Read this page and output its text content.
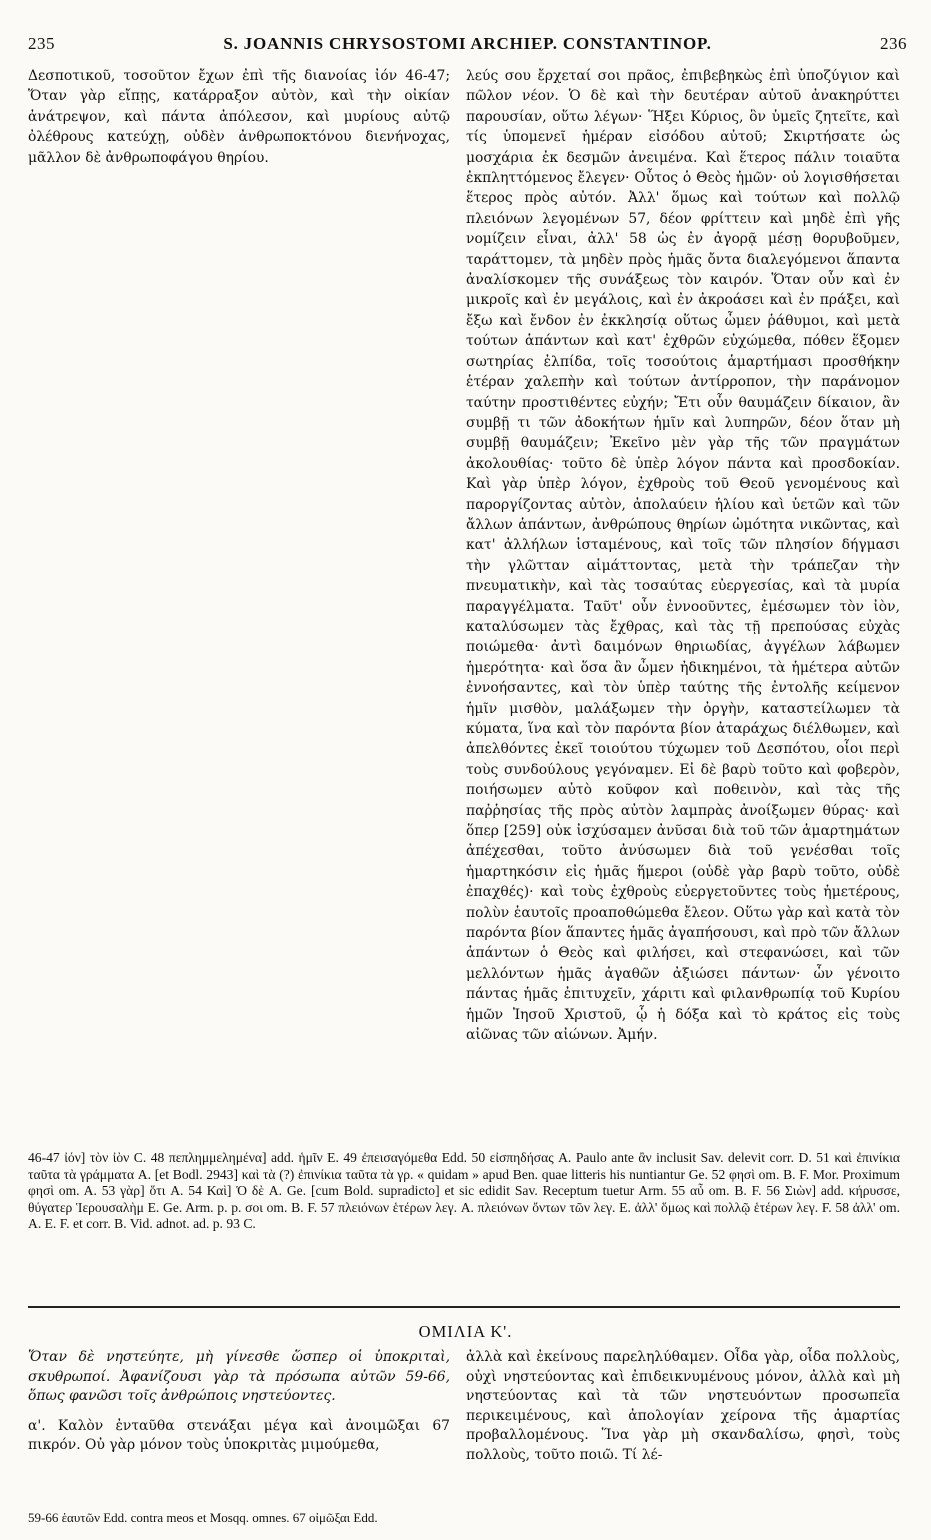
235	S. JOANNIS CHRYSOSTOMI ARCHIEP. CONSTANTINOP.	236

Δεσποτικοῦ, τοσοῦτον ἔχων ἐπὶ τῆς διανοίας ἰόν 46-47; Ὅταν γὰρ εἴπῃς, κατάρραξον αὐτὸν, καὶ τὴν οἰκίαν ἀνάτρεψον, καὶ πάντα ἀπόλεσον, καὶ μυρίους αὐτῷ ὀλέθρους κατεύχῃ, οὐδὲν ἀνθρωποκτόνου διενήνοχας, μᾶλλον δὲ ἀνθρωποφάγου θηρίου.

λεύς σου ἔρχεταί σοι πρᾶος, ἐπιβεβηκὼς ἐπὶ ὑποζύγιον καὶ πῶλον νέον. Ὁ δὲ καὶ τὴν δευτέραν αὐτοῦ ἀνακηρύττει παρουσίαν, οὕτω λέγων· Ἥξει Κύριος, ὃν ὑμεῖς ζητεῖτε, καὶ τίς ὑπομενεῖ ἡμέραν εἰσόδου αὐτοῦ; Σκιρτήσατε ὡς μοσχάρια ἐκ δεσμῶν ἀνειμένα. Καὶ ἕτερος πάλιν τοιαῦτα ἐκπληττόμενος ἔλεγεν· Οὗτος ὁ Θεὸς ἡμῶν· οὐ λογισθήσεται ἕτερος πρὸς αὐτόν. Ἀλλ' ὅμως καὶ τούτων καὶ πολλῷ πλειόνων λεγομένων 57, δέον φρίττειν καὶ μηδὲ ἐπὶ γῆς νομίζειν εἶναι, ἀλλ' 58 ὡς ἐν ἀγορᾷ μέσῃ θορυβοῦμεν, ταράττομεν, τὰ μηδὲν πρὸς ἡμᾶς ὄντα διαλεγόμενοι ἅπαντα ἀναλίσκομεν τῆς συνάξεως τὸν καιρόν. Ὅταν οὖν καὶ ἐν μικροῖς καὶ ἐν μεγάλοις, καὶ ἐν ἀκροάσει καὶ ἐν πράξει, καὶ ἔξω καὶ ἔνδον ἐν ἐκκλησίᾳ οὕτως ὦμεν ῥάθυμοι, καὶ μετὰ τούτων ἁπάντων καὶ κατ' ἐχθρῶν εὐχώμεθα, πόθεν ἕξομεν σωτηρίας ἐλπίδα, τοῖς τοσούτοις ἁμαρτήμασι προσθήκην ἑτέραν χαλεπὴν καὶ τούτων ἀντίρροπον, τὴν παράνομον ταύτην προστιθέντες εὐχήν; Ἔτι οὖν θαυμάζειν δίκαιον, ἂν συμβῇ τι τῶν ἀδοκήτων ἡμῖν καὶ λυπηρῶν, δέον ὅταν μὴ συμβῇ θαυμάζειν; Ἐκεῖνο μὲν γὰρ τῆς τῶν πραγμάτων ἀκολουθίας· τοῦτο δὲ ὑπὲρ λόγον πάντα καὶ προσδοκίαν. Καὶ γὰρ ὑπὲρ λόγον, ἐχθροὺς τοῦ Θεοῦ γενομένους καὶ παροργίζοντας αὐτὸν, ἀπολαύειν ἡλίου καὶ ὑετῶν καὶ τῶν ἄλλων ἁπάντων, ἀνθρώπους θηρίων ὠμότητα νικῶντας, καὶ κατ' ἀλλήλων ἱσταμένους, καὶ τοῖς τῶν πλησίον δήγμασι τὴν γλῶτταν αἱμάττοντας, μετὰ τὴν τράπεζαν τὴν πνευματικὴν, καὶ τὰς τοσαύτας εὐεργεσίας, καὶ τὰ μυρία παραγγέλματα. Ταῦτ' οὖν ἐννοοῦντες, ἐμέσωμεν τὸν ἰὸν, καταλύσωμεν τὰς ἔχθρας, καὶ τὰς τῇ πρεπούσας εὐχὰς ποιώμεθα· ἀντὶ δαιμόνων θηριωδίας, ἀγγέλων λάβωμεν ἡμερότητα· καὶ ὅσα ἂν ὦμεν ἠδικημένοι, τὰ ἡμέτερα αὐτῶν ἐννοήσαντες, καὶ τὸν ὑπὲρ ταύτης τῆς ἐντολῆς κείμενον ἡμῖν μισθὸν, μαλάξωμεν τὴν ὀργὴν, καταστείλωμεν τὰ κύματα, ἵνα καὶ τὸν παρόντα βίον ἀταράχως διέλθωμεν, καὶ ἀπελθόντες ἐκεῖ τοιούτου τύχωμεν τοῦ Δεσπότου, οἷοι περὶ τοὺς συνδούλους γεγόναμεν. Εἰ δὲ βαρὺ τοῦτο καὶ φοβερὸν, ποιήσωμεν αὐτὸ κοῦφον καὶ ποθεινὸν, καὶ τὰς τῆς παῤῥησίας τῆς πρὸς αὐτὸν λαμπρὰς ἀνοίξωμεν θύρας· καὶ ὅπερ [259] οὐκ ἰσχύσαμεν ἀνῦσαι διὰ τοῦ τῶν ἁμαρτημάτων ἀπέχεσθαι, τοῦτο ἀνύσωμεν διὰ τοῦ γενέσθαι τοῖς ἡμαρτηκόσιν εἰς ἡμᾶς ἥμεροι (οὐδὲ γὰρ βαρὺ τοῦτο, οὐδὲ ἐπαχθές)· καὶ τοὺς ἐχθροὺς εὐεργετοῦντες τοὺς ἡμετέρους, πολὺν ἑαυτοῖς προαποθώμεθα ἔλεον. Οὕτω γὰρ καὶ κατὰ τὸν παρόντα βίον ἅπαντες ἡμᾶς ἀγαπήσουσι, καὶ πρὸ τῶν ἄλλων ἁπάντων ὁ Θεὸς καὶ φιλήσει, καὶ στεφανώσει, καὶ τῶν μελλόντων ἡμᾶς ἀγαθῶν ἀξιώσει πάντων· ὧν γένοιτο πάντας ἡμᾶς ἐπιτυχεῖν, χάριτι καὶ φιλανθρωπίᾳ τοῦ Κυρίου ἡμῶν Ἰησοῦ Χριστοῦ, ᾧ ἡ δόξα καὶ τὸ κράτος εἰς τοὺς αἰῶνας τῶν αἰώνων. Ἀμήν.

46-47 ἰόν] τὸν ἰὸν C. 48 πεπλημμελημένα] add. ἡμῖν E. 49 ἐπεισαγόμεθα Edd. 50 εἰσπηδήσας A. Paulo ante ἂν inclusit Sav. delevit corr. D. 51 καὶ ἐπινίκια ταῦτα τὰ γράμματα A. [et Bodl. 2943] καὶ τὰ (?) ἐπινίκια ταῦτα τὰ γρ. « quidam » apud Ben. quae litteris his nuntiantur Ge. 52 φησὶ om. B. F. Mor. Proximum φησὶ om. A. 53 γὰρ] ὅτι A. 54 Καὶ] Ὁ δὲ A. Ge. [cum Bold. supradicto] et sic edidit Sav. Receptum tuetur Arm. 55 αὖ om. B. F. 56 Σιὼν] add. κήρυσσε, θύγατερ Ἱερουσαλὴμ E. Ge. Arm. p. p. σοι om. B. F. 57 πλειόνων ἑτέρων λεγ. A. πλειόνων ὄντων τῶν λεγ. E. ἀλλ' ὅμως καὶ πολλῷ ἑτέρων λεγ. F. 58 ἀλλ' om. A. E. F. et corr. B. Vid. adnot. ad. p. 93 C.
ΟΜΙΛΙΑ Κ'.

Ὅταν δὲ νηστεύητε, μὴ γίνεσθε ὥσπερ οἱ ὑποκριταὶ, σκυθρωποί. Ἀφανίζουσι γὰρ τὰ πρόσωπα αὐτῶν 59-66, ὅπως φανῶσι τοῖς ἀνθρώποις νηστεύοντες.

α'. Καλὸν ἐνταῦθα στενάξαι μέγα καὶ ἀνοιμῶξαι 67 πικρόν. Οὐ γὰρ μόνον τοὺς ὑποκριτὰς μιμούμεθα,

ἀλλὰ καὶ ἐκείνους παρεληλύθαμεν. Οἶδα γὰρ, οἶδα πολλοὺς, οὐχὶ νηστεύοντας καὶ ἐπιδεικνυμένους μόνον, ἀλλὰ καὶ μὴ νηστεύοντας καὶ τὰ τῶν νηστευόντων προσωπεῖα περικειμένους, καὶ ἀπολογίαν χείρονα τῆς ἁμαρτίας προβαλλομένους. Ἵνα γὰρ μὴ σκανδαλίσω, φησὶ, τοὺς πολλοὺς, τοῦτο ποιῶ. Τί λέ-

59-66 ἑαυτῶν Edd. contra meos et Mosqq. omnes. 67 οἰμῶξαι Edd.
